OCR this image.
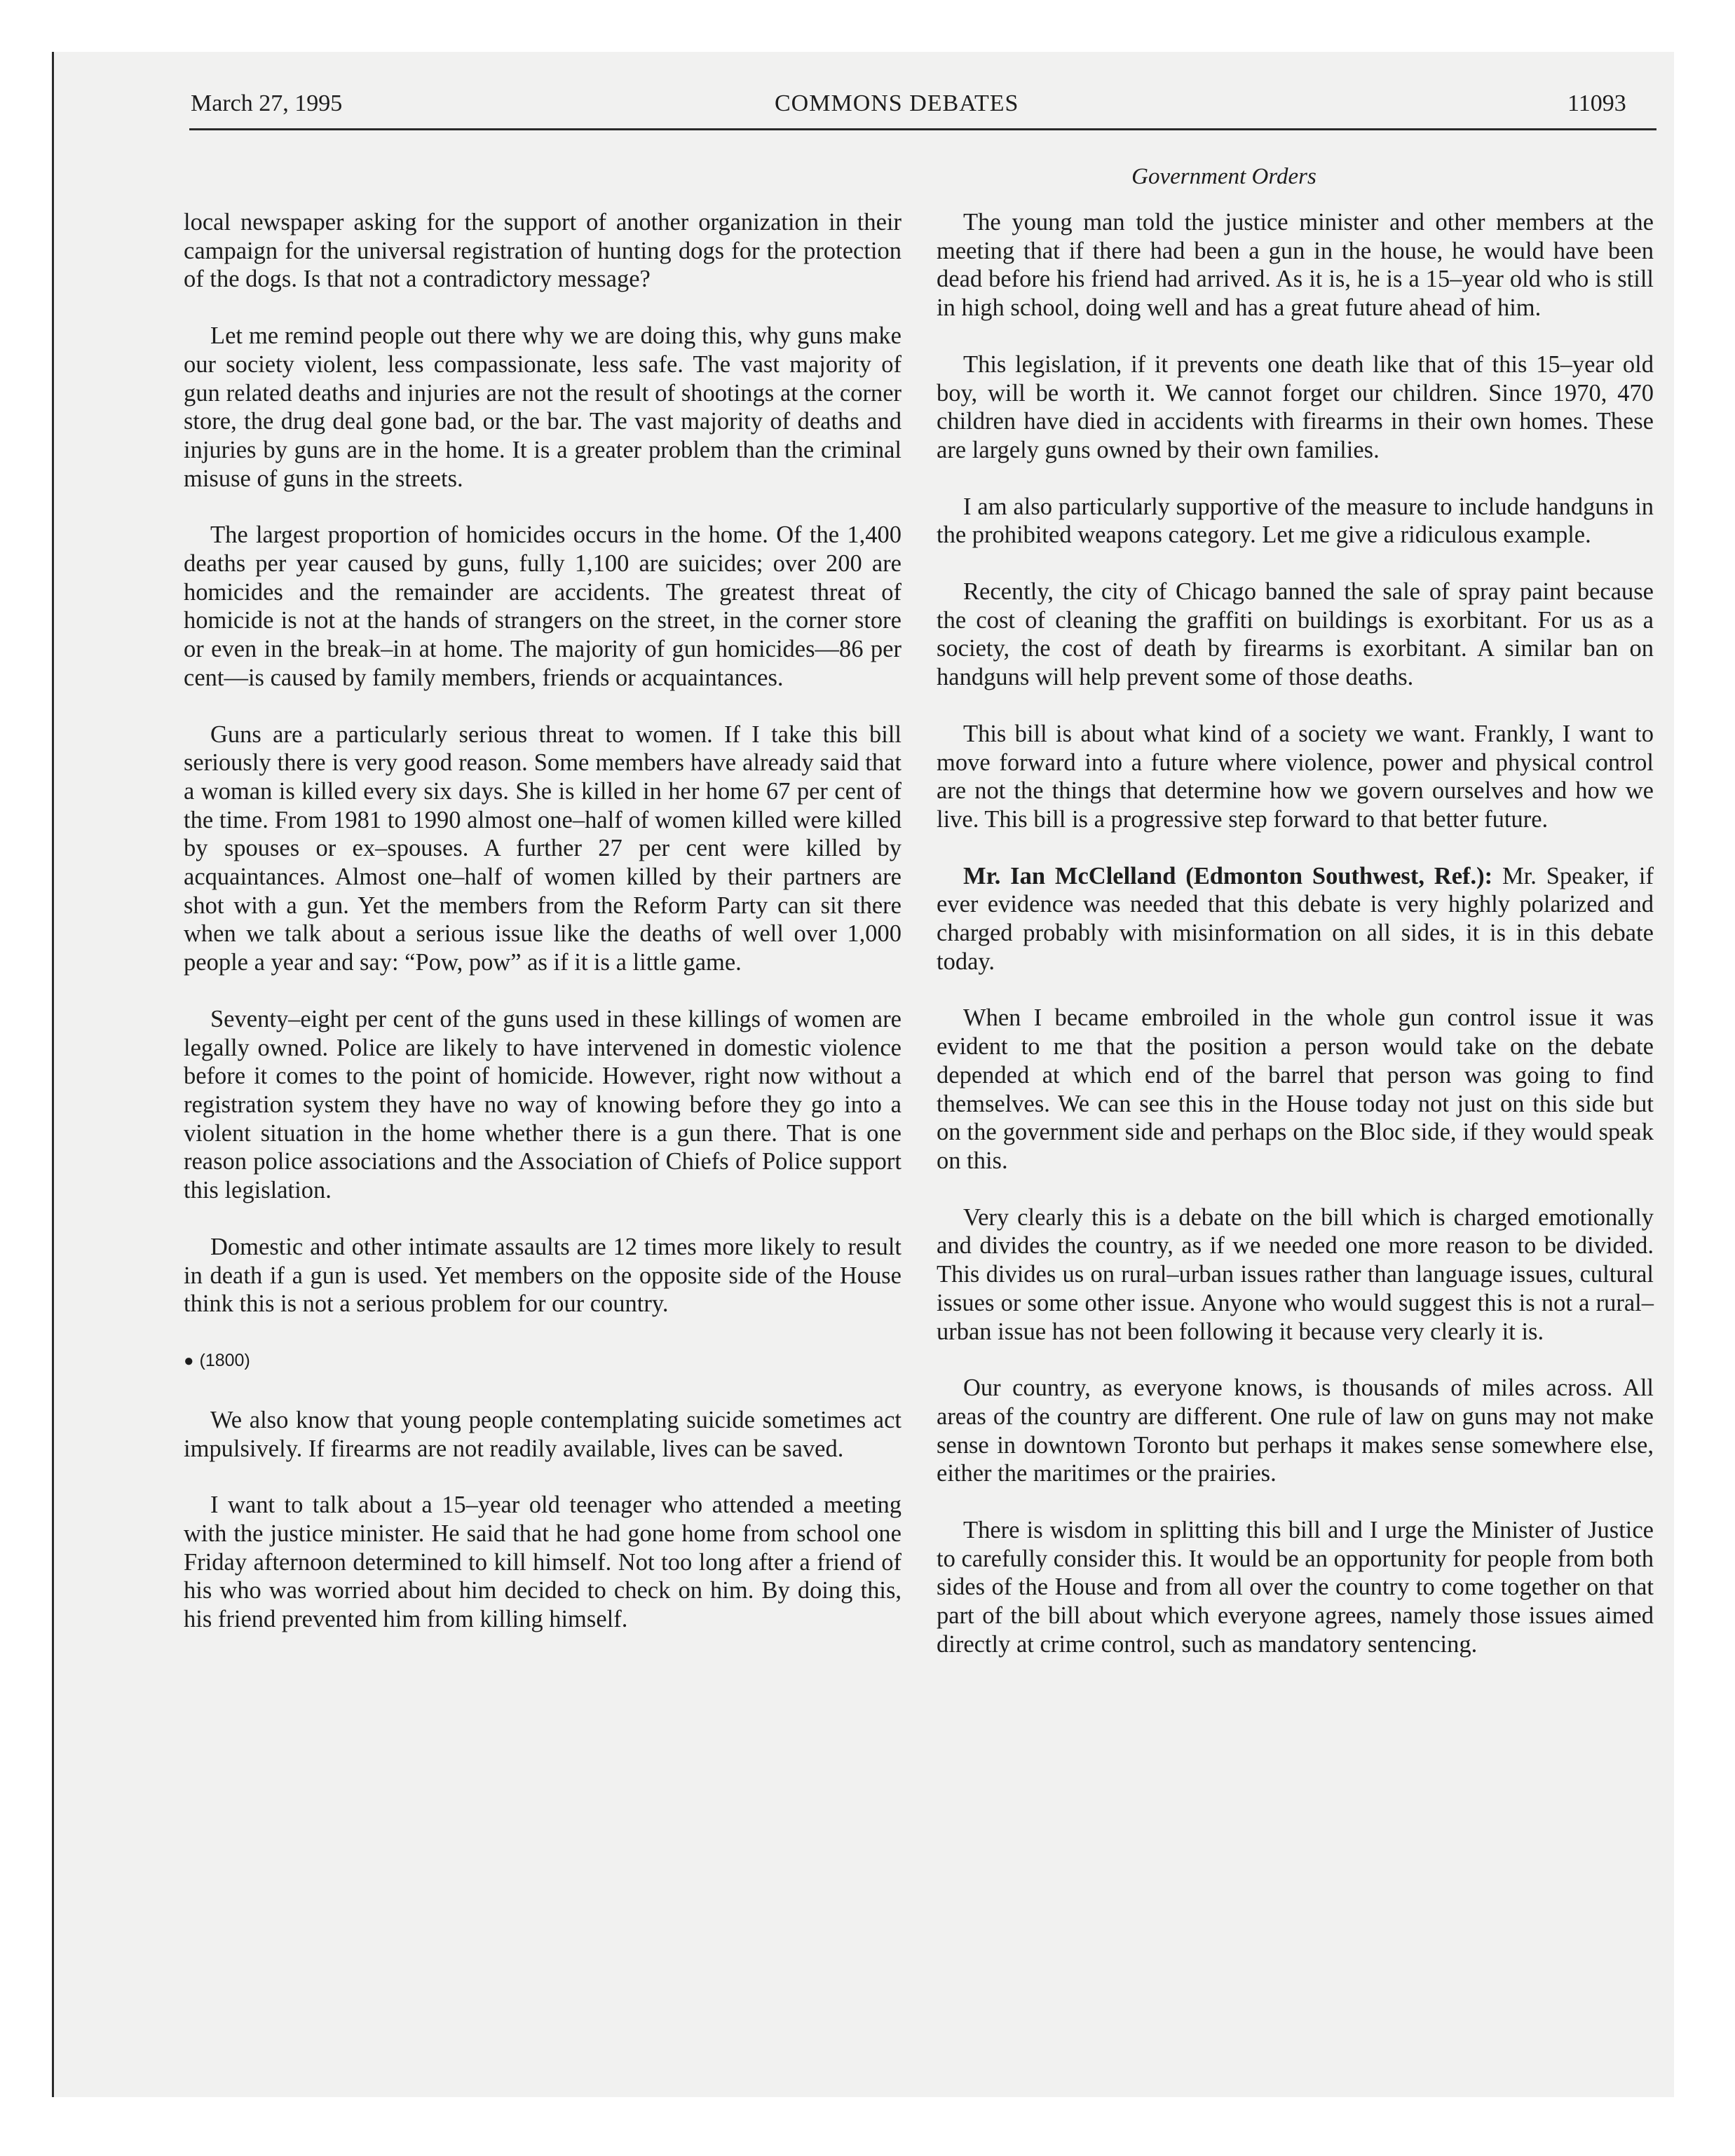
March 27, 1995	COMMONS DEBATES	11093
Government Orders

local newspaper asking for the support of another organization in their campaign for the universal registration of hunting dogs for the protection of the dogs. Is that not a contradictory message?

Let me remind people out there why we are doing this, why guns make our society violent, less compassionate, less safe. The vast majority of gun related deaths and injuries are not the result of shootings at the corner store, the drug deal gone bad, or the bar. The vast majority of deaths and injuries by guns are in the home. It is a greater problem than the criminal misuse of guns in the streets.

The largest proportion of homicides occurs in the home. Of the 1,400 deaths per year caused by guns, fully 1,100 are suicides; over 200 are homicides and the remainder are accidents. The greatest threat of homicide is not at the hands of strangers on the street, in the corner store or even in the break–in at home. The majority of gun homicides—86 per cent—is caused by family members, friends or acquaintances.

Guns are a particularly serious threat to women. If I take this bill seriously there is very good reason. Some members have already said that a woman is killed every six days. She is killed in her home 67 per cent of the time. From 1981 to 1990 almost one–half of women killed were killed by spouses or ex–spouses. A further 27 per cent were killed by acquaintances. Almost one–half of women killed by their partners are shot with a gun. Yet the members from the Reform Party can sit there when we talk about a serious issue like the deaths of well over 1,000 people a year and say: “Pow, pow” as if it is a little game.

Seventy–eight per cent of the guns used in these killings of women are legally owned. Police are likely to have intervened in domestic violence before it comes to the point of homicide. However, right now without a registration system they have no way of knowing before they go into a violent situation in the home whether there is a gun there. That is one reason police associations and the Association of Chiefs of Police support this legislation.

Domestic and other intimate assaults are 12 times more likely to result in death if a gun is used. Yet members on the opposite side of the House think this is not a serious problem for our country.

● (1800)

We also know that young people contemplating suicide sometimes act impulsively. If firearms are not readily available, lives can be saved.

I want to talk about a 15–year old teenager who attended a meeting with the justice minister. He said that he had gone home from school one Friday afternoon determined to kill himself. Not too long after a friend of his who was worried about him decided to check on him. By doing this, his friend prevented him from killing himself.

The young man told the justice minister and other members at the meeting that if there had been a gun in the house, he would have been dead before his friend had arrived. As it is, he is a 15–year old who is still in high school, doing well and has a great future ahead of him.

This legislation, if it prevents one death like that of this 15–year old boy, will be worth it. We cannot forget our children. Since 1970, 470 children have died in accidents with firearms in their own homes. These are largely guns owned by their own families.

I am also particularly supportive of the measure to include handguns in the prohibited weapons category. Let me give a ridiculous example.

Recently, the city of Chicago banned the sale of spray paint because the cost of cleaning the graffiti on buildings is exorbitant. For us as a society, the cost of death by firearms is exorbitant. A similar ban on handguns will help prevent some of those deaths.

This bill is about what kind of a society we want. Frankly, I want to move forward into a future where violence, power and physical control are not the things that determine how we govern ourselves and how we live. This bill is a progressive step forward to that better future.

Mr. Ian McClelland (Edmonton Southwest, Ref.): Mr. Speaker, if ever evidence was needed that this debate is very highly polarized and charged probably with misinformation on all sides, it is in this debate today.

When I became embroiled in the whole gun control issue it was evident to me that the position a person would take on the debate depended at which end of the barrel that person was going to find themselves. We can see this in the House today not just on this side but on the government side and perhaps on the Bloc side, if they would speak on this.

Very clearly this is a debate on the bill which is charged emotionally and divides the country, as if we needed one more reason to be divided. This divides us on rural–urban issues rather than language issues, cultural issues or some other issue. Anyone who would suggest this is not a rural–urban issue has not been following it because very clearly it is.

Our country, as everyone knows, is thousands of miles across. All areas of the country are different. One rule of law on guns may not make sense in downtown Toronto but perhaps it makes sense somewhere else, either the maritimes or the prairies.

There is wisdom in splitting this bill and I urge the Minister of Justice to carefully consider this. It would be an opportunity for people from both sides of the House and from all over the country to come together on that part of the bill about which everyone agrees, namely those issues aimed directly at crime control, such as mandatory sentencing.
